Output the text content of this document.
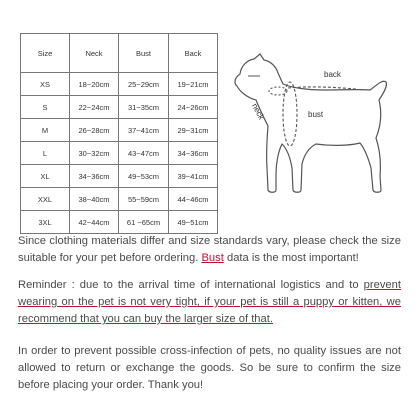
Size	Neck	Bust	Back
XS	18~20cm	25~29cm	19~21cm
S	22~24cm	31~35cm	24~26cm
M	26~28cm	37~41cm	29~31cm
L	30~32cm	43~47cm	34~36cm
XL	34~36cm	49~53cm	39~41cm
XXL	38~40cm	55~59cm	44~46cm
3XL	42~44cm	61 ~65cm	49~51cm
back
neck	bust

Since clothing materials differ and size standards vary, please check the size suitable for your pet before ordering. Bust data is the most important!

Reminder : due to the arrival time of international logistics and to prevent wearing on the pet is not very tight, if your pet is still a puppy or kitten, we recommend that you can buy the larger size of that.

In order to prevent possible cross-infection of pets, no quality issues are not allowed to return or exchange the goods. So be sure to confirm the size before placing your order. Thank you!
